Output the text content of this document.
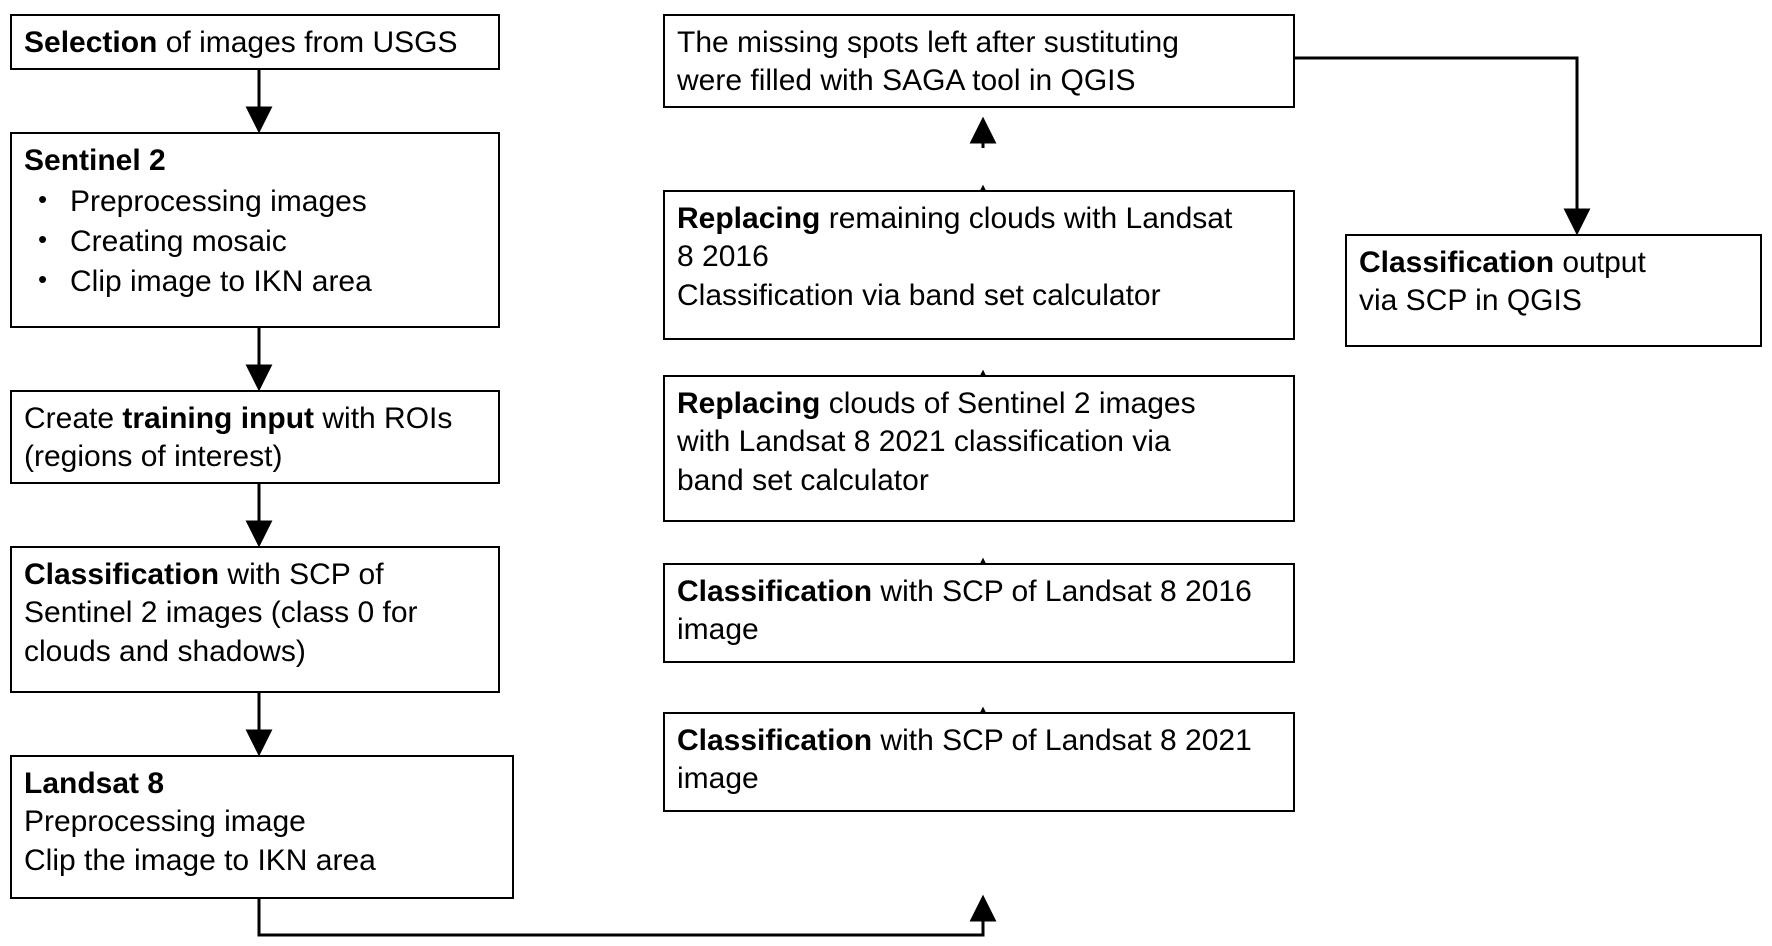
Selection of images from USGS
Sentinel 2
• Preprocessing images
• Creating mosaic
• Clip image to IKN area
Create training input with ROIs
(regions of interest)
Classification with SCP of
Sentinel 2 images (class 0 for
clouds and shadows)
Landsat 8
Preprocessing image
Clip the image to IKN area
The missing spots left after sustituting
were filled with SAGA tool in QGIS
Replacing remaining clouds with Landsat
8 2016
Classification via band set calculator
Replacing clouds of Sentinel 2 images
with Landsat 8 2021 classification via
band set calculator
Classification with SCP of Landsat 8 2016
image
Classification with SCP of Landsat 8 2021
image
Classification output
via SCP in QGIS
